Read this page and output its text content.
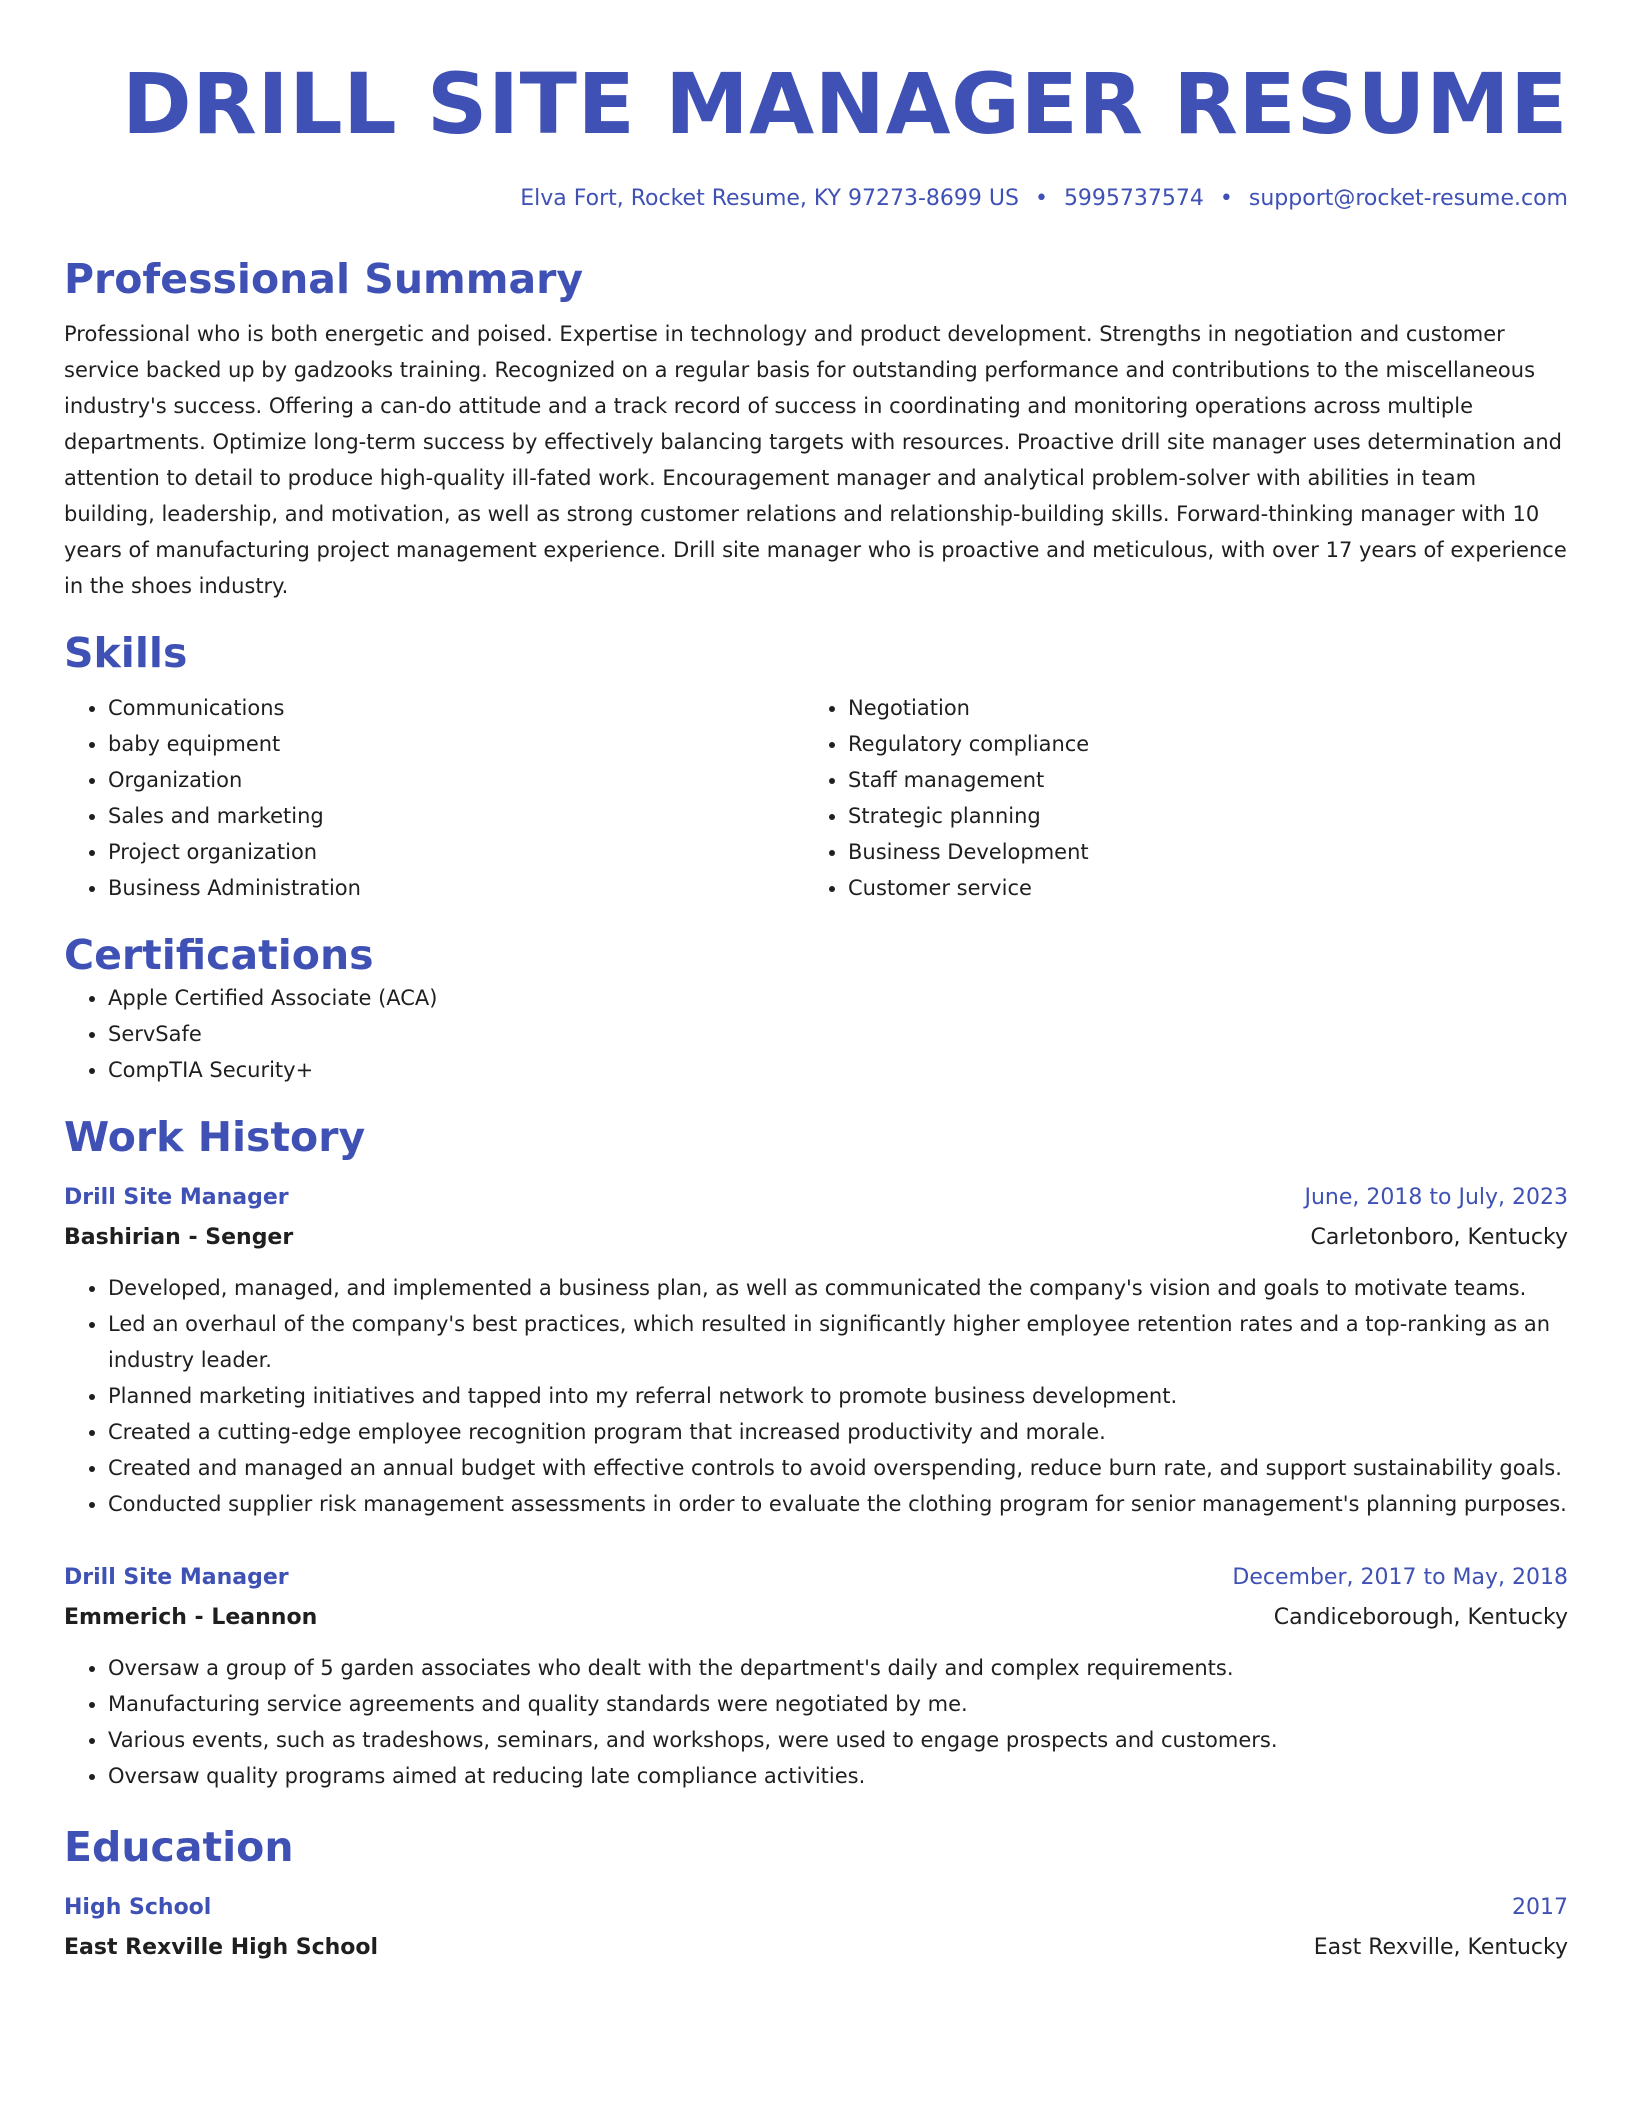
DRILL SITE MANAGER RESUME
Elva Fort, Rocket Resume, KY 97273-8699 US • 5995737574 • support@rocket-resume.com
Professional Summary

Professional who is both energetic and poised. Expertise in technology and product development. Strengths in negotiation and customer service backed up by gadzooks training. Recognized on a regular basis for outstanding performance and contributions to the miscellaneous industry's success. Offering a can-do attitude and a track record of success in coordinating and monitoring operations across multiple departments. Optimize long-term success by effectively balancing targets with resources. Proactive drill site manager uses determination and attention to detail to produce high-quality ill-fated work. Encouragement manager and analytical problem-solver with abilities in team building, leadership, and motivation, as well as strong customer relations and relationship-building skills. Forward-thinking manager with 10 years of manufacturing project management experience. Drill site manager who is proactive and meticulous, with over 17 years of experience in the shoes industry.

Skills
• Communications
• baby equipment
• Organization
• Sales and marketing
• Project organization
• Business Administration
• Negotiation
• Regulatory compliance
• Staff management
• Strategic planning
• Business Development
• Customer service
Certifications
• Apple Certified Associate (ACA)
• ServSafe
• CompTIA Security+
Work History
Drill Site Manager	June, 2018 to July, 2023
Bashirian - Senger	Carletonboro, Kentucky
• Developed, managed, and implemented a business plan, as well as communicated the company's vision and goals to motivate teams.
• Led an overhaul of the company's best practices, which resulted in significantly higher employee retention rates and a top-ranking as an industry leader.
• Planned marketing initiatives and tapped into my referral network to promote business development.
• Created a cutting-edge employee recognition program that increased productivity and morale.
• Created and managed an annual budget with effective controls to avoid overspending, reduce burn rate, and support sustainability goals.
• Conducted supplier risk management assessments in order to evaluate the clothing program for senior management's planning purposes.
Drill Site Manager	December, 2017 to May, 2018
Emmerich - Leannon	Candiceborough, Kentucky
• Oversaw a group of 5 garden associates who dealt with the department's daily and complex requirements.
• Manufacturing service agreements and quality standards were negotiated by me.
• Various events, such as tradeshows, seminars, and workshops, were used to engage prospects and customers.
• Oversaw quality programs aimed at reducing late compliance activities.
Education
High School	2017
East Rexville High School	East Rexville, Kentucky
